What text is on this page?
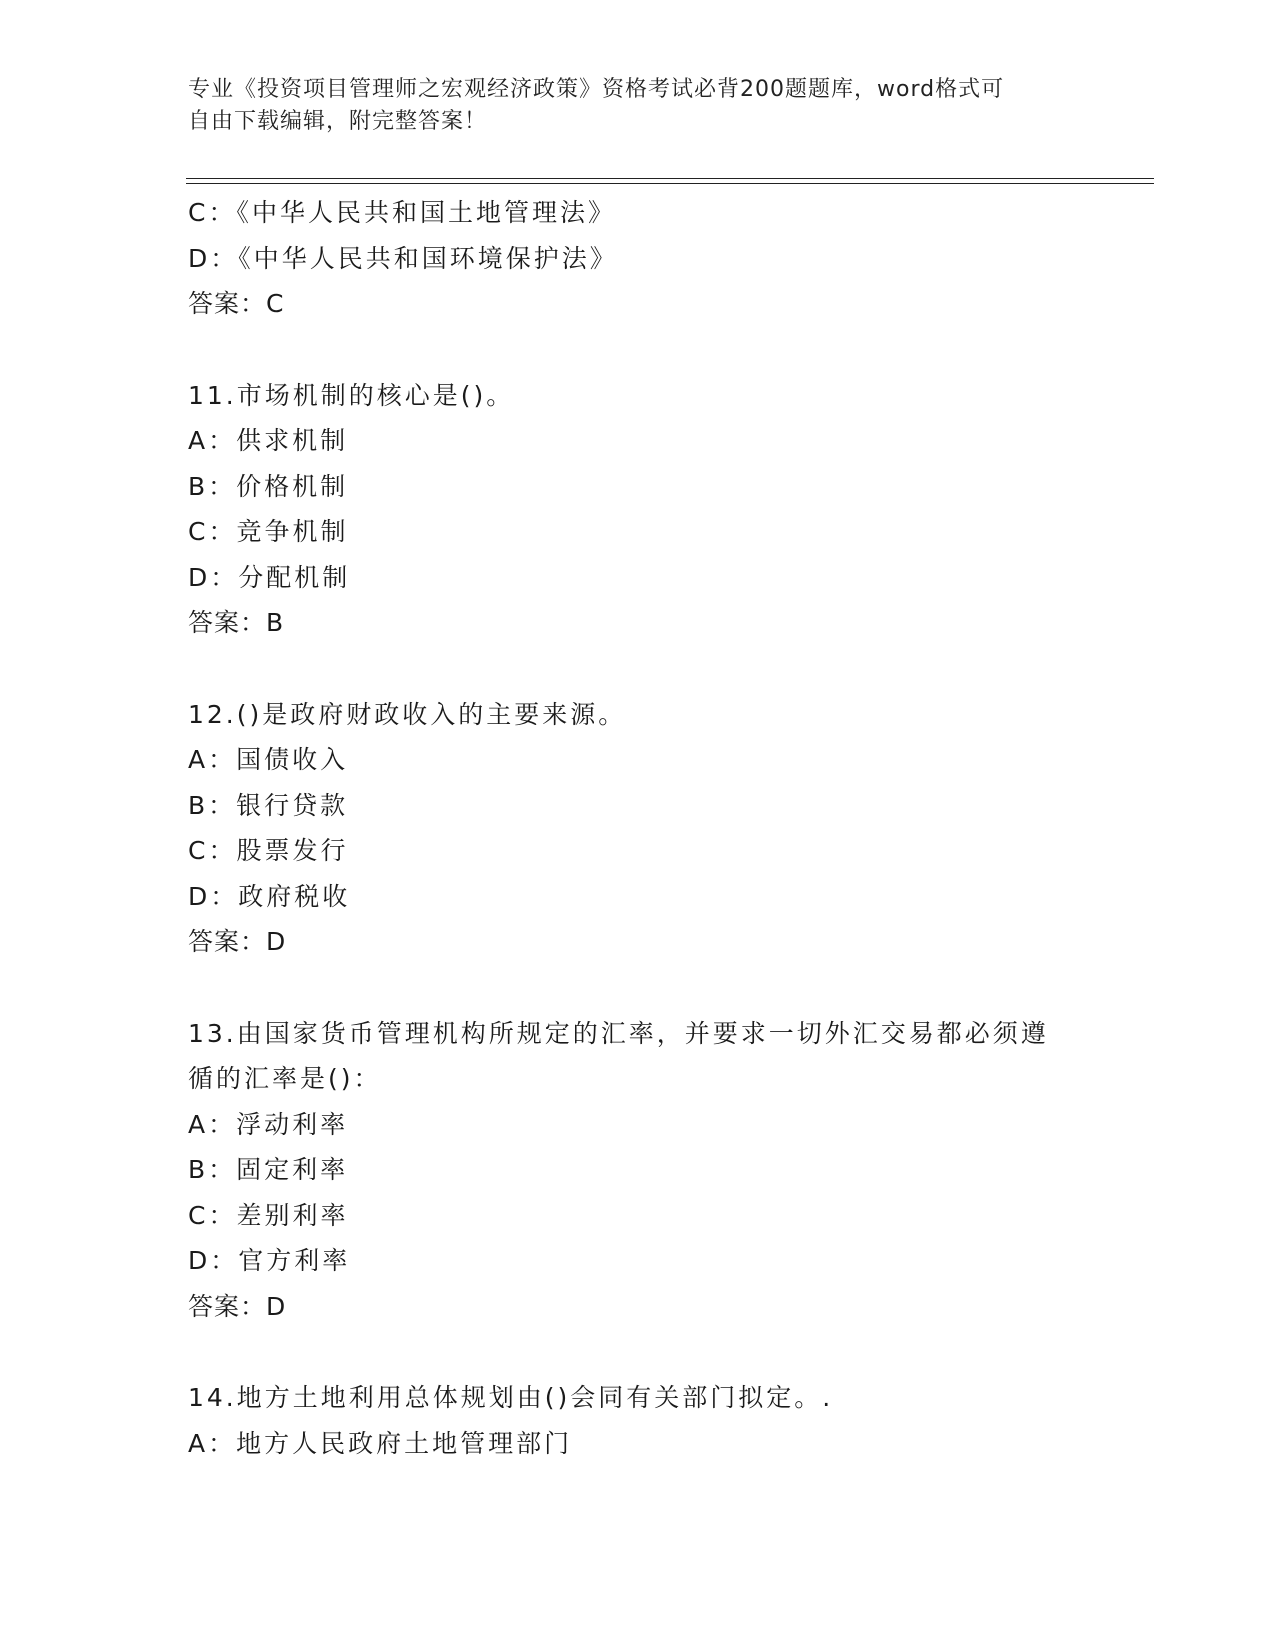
专业《投资项目管理师之宏观经济政策》资格考试必背200题题库，word格式可
自由下载编辑，附完整答案！
C：《中华人民共和国土地管理法》
D：《中华人民共和国环境保护法》
答案：C
11.市场机制的核心是()。
A：供求机制
B：价格机制
C：竞争机制
D：分配机制
答案：B
12.()是政府财政收入的主要来源。
A：国债收入
B：银行贷款
C：股票发行
D：政府税收
答案：D
13.由国家货币管理机构所规定的汇率，并要求一切外汇交易都必须遵
循的汇率是()：
A：浮动利率
B：固定利率
C：差别利率
D：官方利率
答案：D
14.地方土地利用总体规划由()会同有关部门拟定。.
A：地方人民政府土地管理部门
